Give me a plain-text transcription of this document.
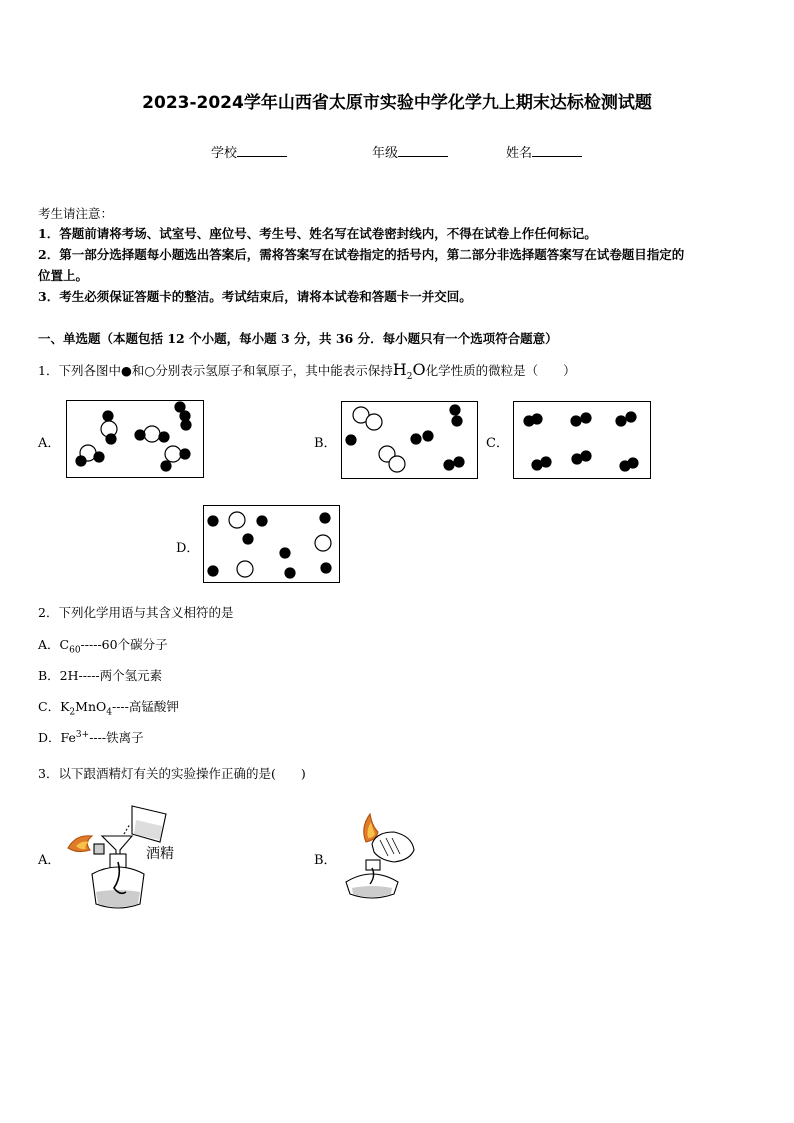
2023-2024学年山西省太原市实验中学化学九上期末达标检测试题
学校	年级	姓名
考生请注意：
1．答题前请将考场、试室号、座位号、考生号、姓名写在试卷密封线内，不得在试卷上作任何标记。
2．第一部分选择题每小题选出答案后，需将答案写在试卷指定的括号内，第二部分非选择题答案写在试卷题目指定的
位置上。
3．考生必须保证答题卡的整洁。考试结束后，请将本试卷和答题卡一并交回。
一、单选题（本题包括 12 个小题，每小题 3 分，共 36 分．每小题只有一个选项符合题意）
1．下列各图中●和○分别表示氢原子和氧原子，其中能表示保持$H_2O$化学性质的微粒是（　　）
A．	B．	C．
D．
2．下列化学用语与其含义相符的是
A．$C_{60}-----60$个碳分子
B．2H-----两个氢元素
C．$K_2MnO_4----$高锰酸钾
D．$Fe^{3+}----$铁离子
3．以下跟酒精灯有关的实验操作正确的是(　　)
A．	酒精	B．
